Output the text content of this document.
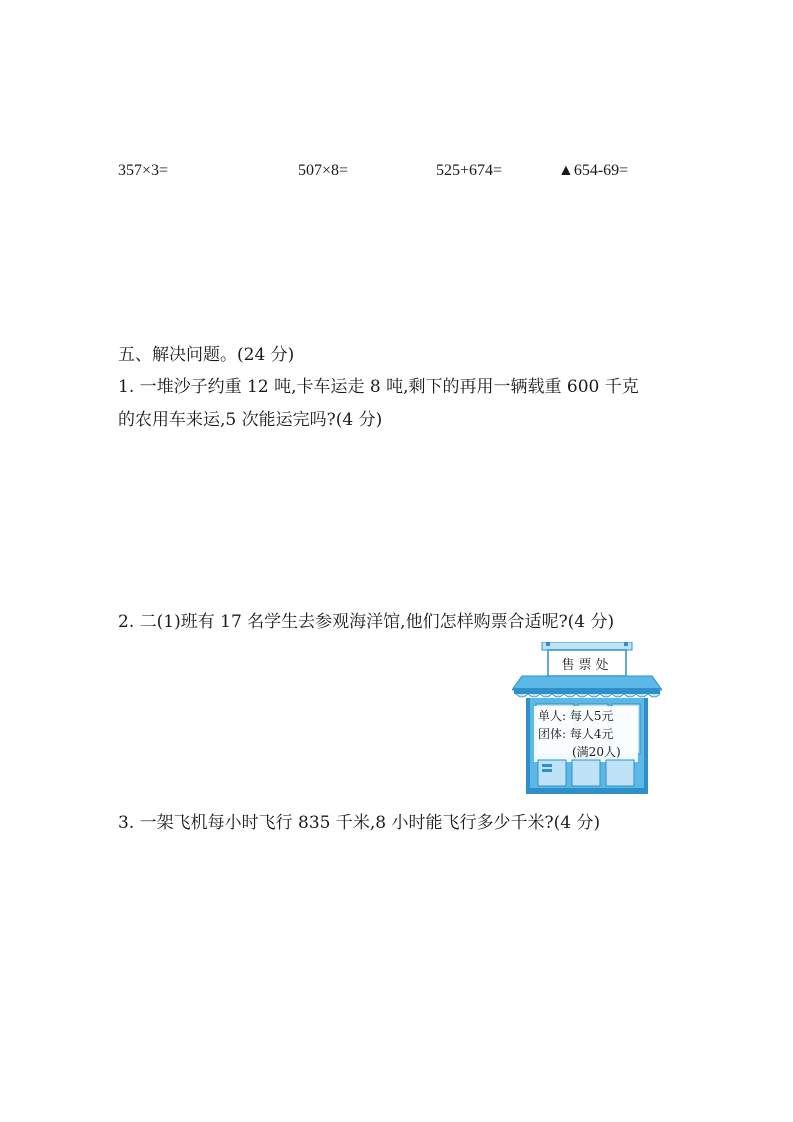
357×3=	507×8=	525+674=	▲654-69=
五、解决问题。(24 分)
1. 一堆沙子约重 12 吨,卡车运走 8 吨,剩下的再用一辆载重 600 千克
的农用车来运,5 次能运完吗?(4 分)
2. 二(1)班有 17 名学生去参观海洋馆,他们怎样购票合适呢?(4 分)
售票处
单人: 每人5元
团体: 每人4元
(满20人)
3. 一架飞机每小时飞行 835 千米,8 小时能飞行多少千米?(4 分)
